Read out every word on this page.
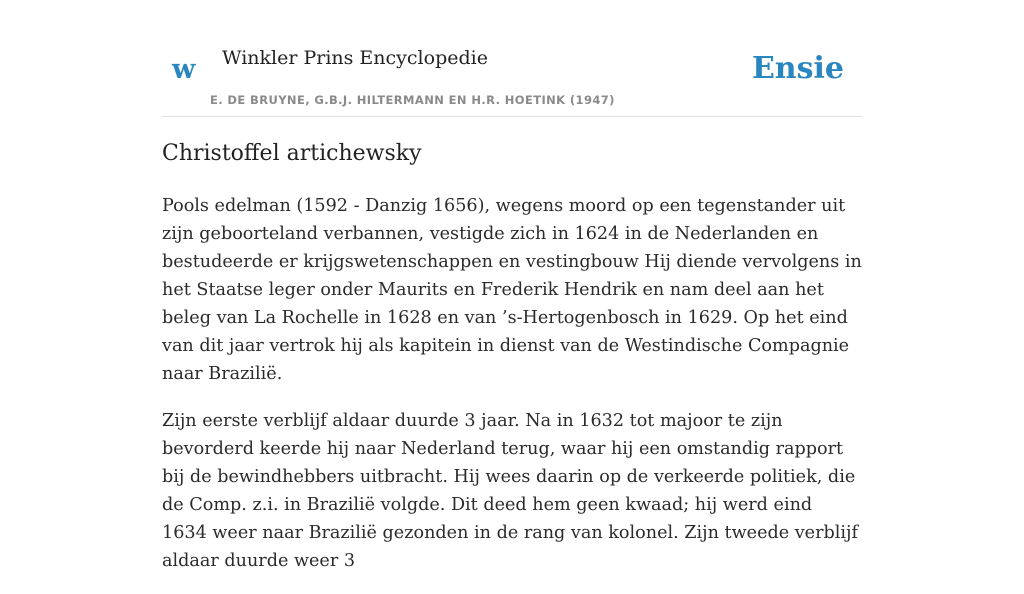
w Winkler Prins Encyclopedie
E. DE BRUYNE, G.B.J. HILTERMANN EN H.R. HOETINK (1947)
Ensie
Christoffel artichewsky

Pools edelman (1592 - Danzig 1656), wegens moord op een tegenstander uit zijn geboorteland verbannen, vestigde zich in 1624 in de Nederlanden en bestudeerde er krijgswetenschappen en vestingbouw Hij diende vervolgens in het Staatse leger onder Maurits en Frederik Hendrik en nam deel aan het beleg van La Rochelle in 1628 en van ’s-Hertogenbosch in 1629. Op het eind van dit jaar vertrok hij als kapitein in dienst van de Westindische Compagnie naar Brazilië.

Zijn eerste verblijf aldaar duurde 3 jaar. Na in 1632 tot majoor te zijn bevorderd keerde hij naar Nederland terug, waar hij een omstandig rapport bij de bewindhebbers uitbracht. Hij wees daarin op de verkeerde politiek, die de Comp. z.i. in Brazilië volgde. Dit deed hem geen kwaad; hij werd eind 1634 weer naar Brazilië gezonden in de rang van kolonel. Zijn tweede verblijf aldaar duurde weer 3
